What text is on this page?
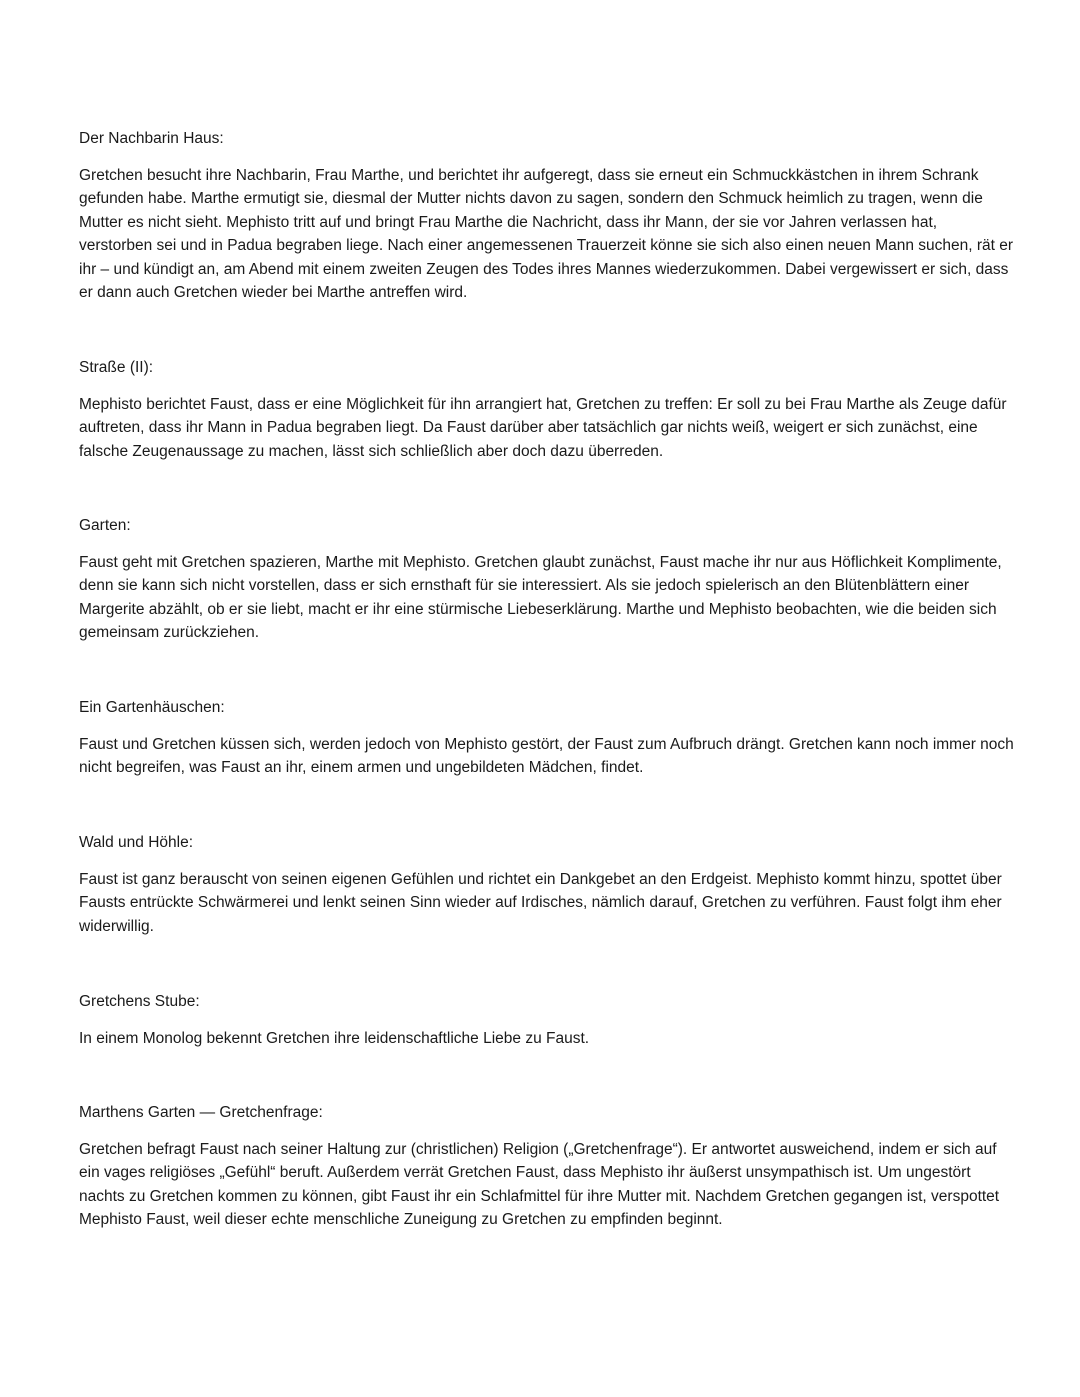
Der Nachbarin Haus:

Gretchen besucht ihre Nachbarin, Frau Marthe, und berichtet ihr aufgeregt, dass sie erneut ein Schmuckkästchen in ihrem Schrank gefunden habe. Marthe ermutigt sie, diesmal der Mutter nichts davon zu sagen, sondern den Schmuck heimlich zu tragen, wenn die Mutter es nicht sieht. Mephisto tritt auf und bringt Frau Marthe die Nachricht, dass ihr Mann, der sie vor Jahren verlassen hat, verstorben sei und in Padua begraben liege. Nach einer angemessenen Trauerzeit könne sie sich also einen neuen Mann suchen, rät er ihr – und kündigt an, am Abend mit einem zweiten Zeugen des Todes ihres Mannes wiederzukommen. Dabei vergewissert er sich, dass er dann auch Gretchen wieder bei Marthe antreffen wird.

Straße (II):

Mephisto berichtet Faust, dass er eine Möglichkeit für ihn arrangiert hat, Gretchen zu treffen: Er soll zu bei Frau Marthe als Zeuge dafür auftreten, dass ihr Mann in Padua begraben liegt. Da Faust darüber aber tatsächlich gar nichts weiß, weigert er sich zunächst, eine falsche Zeugenaussage zu machen, lässt sich schließlich aber doch dazu überreden.

Garten:

Faust geht mit Gretchen spazieren, Marthe mit Mephisto. Gretchen glaubt zunächst, Faust mache ihr nur aus Höflichkeit Komplimente, denn sie kann sich nicht vorstellen, dass er sich ernsthaft für sie interessiert. Als sie jedoch spielerisch an den Blütenblättern einer Margerite abzählt, ob er sie liebt, macht er ihr eine stürmische Liebeserklärung. Marthe und Mephisto beobachten, wie die beiden sich gemeinsam zurückziehen.

Ein Gartenhäuschen:

Faust und Gretchen küssen sich, werden jedoch von Mephisto gestört, der Faust zum Aufbruch drängt. Gretchen kann noch immer noch nicht begreifen, was Faust an ihr, einem armen und ungebildeten Mädchen, findet.

Wald und Höhle:

Faust ist ganz berauscht von seinen eigenen Gefühlen und richtet ein Dankgebet an den Erdgeist. Mephisto kommt hinzu, spottet über Fausts entrückte Schwärmerei und lenkt seinen Sinn wieder auf Irdisches, nämlich darauf, Gretchen zu verführen. Faust folgt ihm eher widerwillig.

Gretchens Stube:

In einem Monolog bekennt Gretchen ihre leidenschaftliche Liebe zu Faust.

Marthens Garten — Gretchenfrage:

Gretchen befragt Faust nach seiner Haltung zur (christlichen) Religion („Gretchenfrage“). Er antwortet ausweichend, indem er sich auf ein vages religiöses „Gefühl“ beruft. Außerdem verrät Gretchen Faust, dass Mephisto ihr äußerst unsympathisch ist. Um ungestört nachts zu Gretchen kommen zu können, gibt Faust ihr ein Schlafmittel für ihre Mutter mit. Nachdem Gretchen gegangen ist, verspottet Mephisto Faust, weil dieser echte menschliche Zuneigung zu Gretchen zu empfinden beginnt.
